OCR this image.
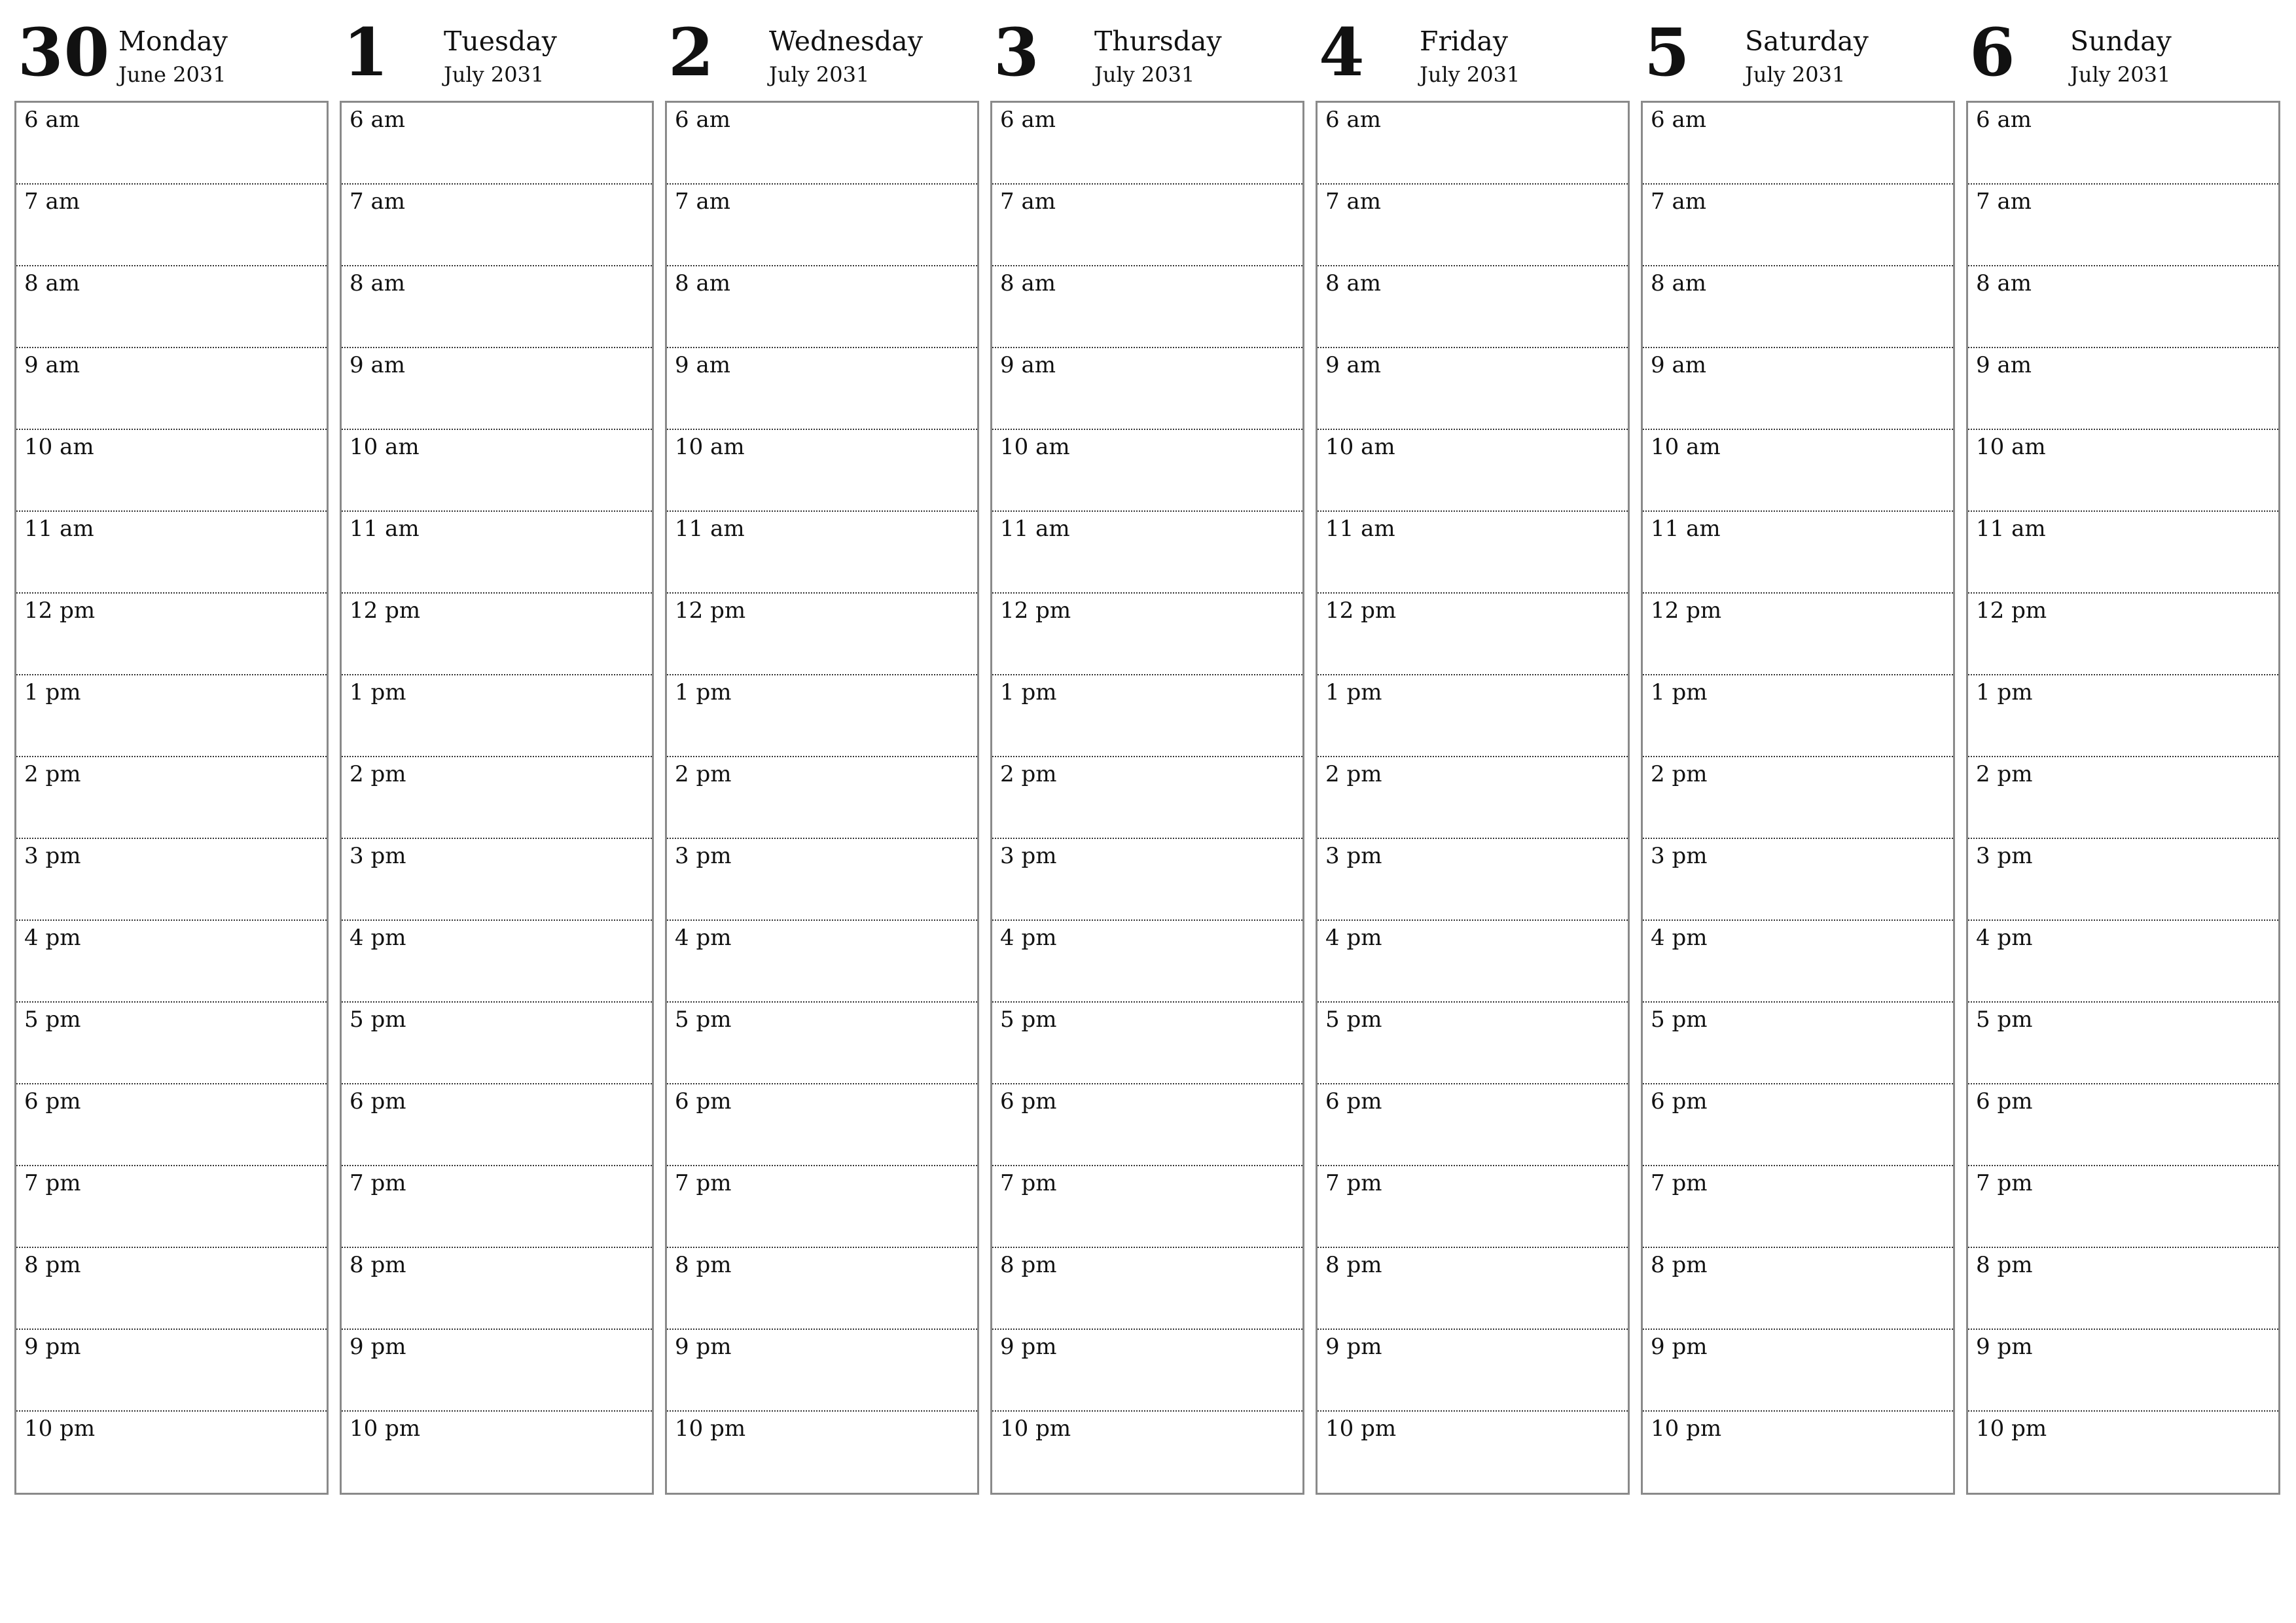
30 Monday
June 2031
6 am
7 am
8 am
9 am
10 am
11 am
12 pm
1 pm
2 pm
3 pm
4 pm
5 pm
6 pm
7 pm
8 pm
9 pm
10 pm
1 Tuesday
July 2031
6 am
7 am
8 am
9 am
10 am
11 am
12 pm
1 pm
2 pm
3 pm
4 pm
5 pm
6 pm
7 pm
8 pm
9 pm
10 pm
2 Wednesday
July 2031
6 am
7 am
8 am
9 am
10 am
11 am
12 pm
1 pm
2 pm
3 pm
4 pm
5 pm
6 pm
7 pm
8 pm
9 pm
10 pm
3 Thursday
July 2031
6 am
7 am
8 am
9 am
10 am
11 am
12 pm
1 pm
2 pm
3 pm
4 pm
5 pm
6 pm
7 pm
8 pm
9 pm
10 pm
4 Friday
July 2031
6 am
7 am
8 am
9 am
10 am
11 am
12 pm
1 pm
2 pm
3 pm
4 pm
5 pm
6 pm
7 pm
8 pm
9 pm
10 pm
5 Saturday
July 2031
6 am
7 am
8 am
9 am
10 am
11 am
12 pm
1 pm
2 pm
3 pm
4 pm
5 pm
6 pm
7 pm
8 pm
9 pm
10 pm
6 Sunday
July 2031
6 am
7 am
8 am
9 am
10 am
11 am
12 pm
1 pm
2 pm
3 pm
4 pm
5 pm
6 pm
7 pm
8 pm
9 pm
10 pm
